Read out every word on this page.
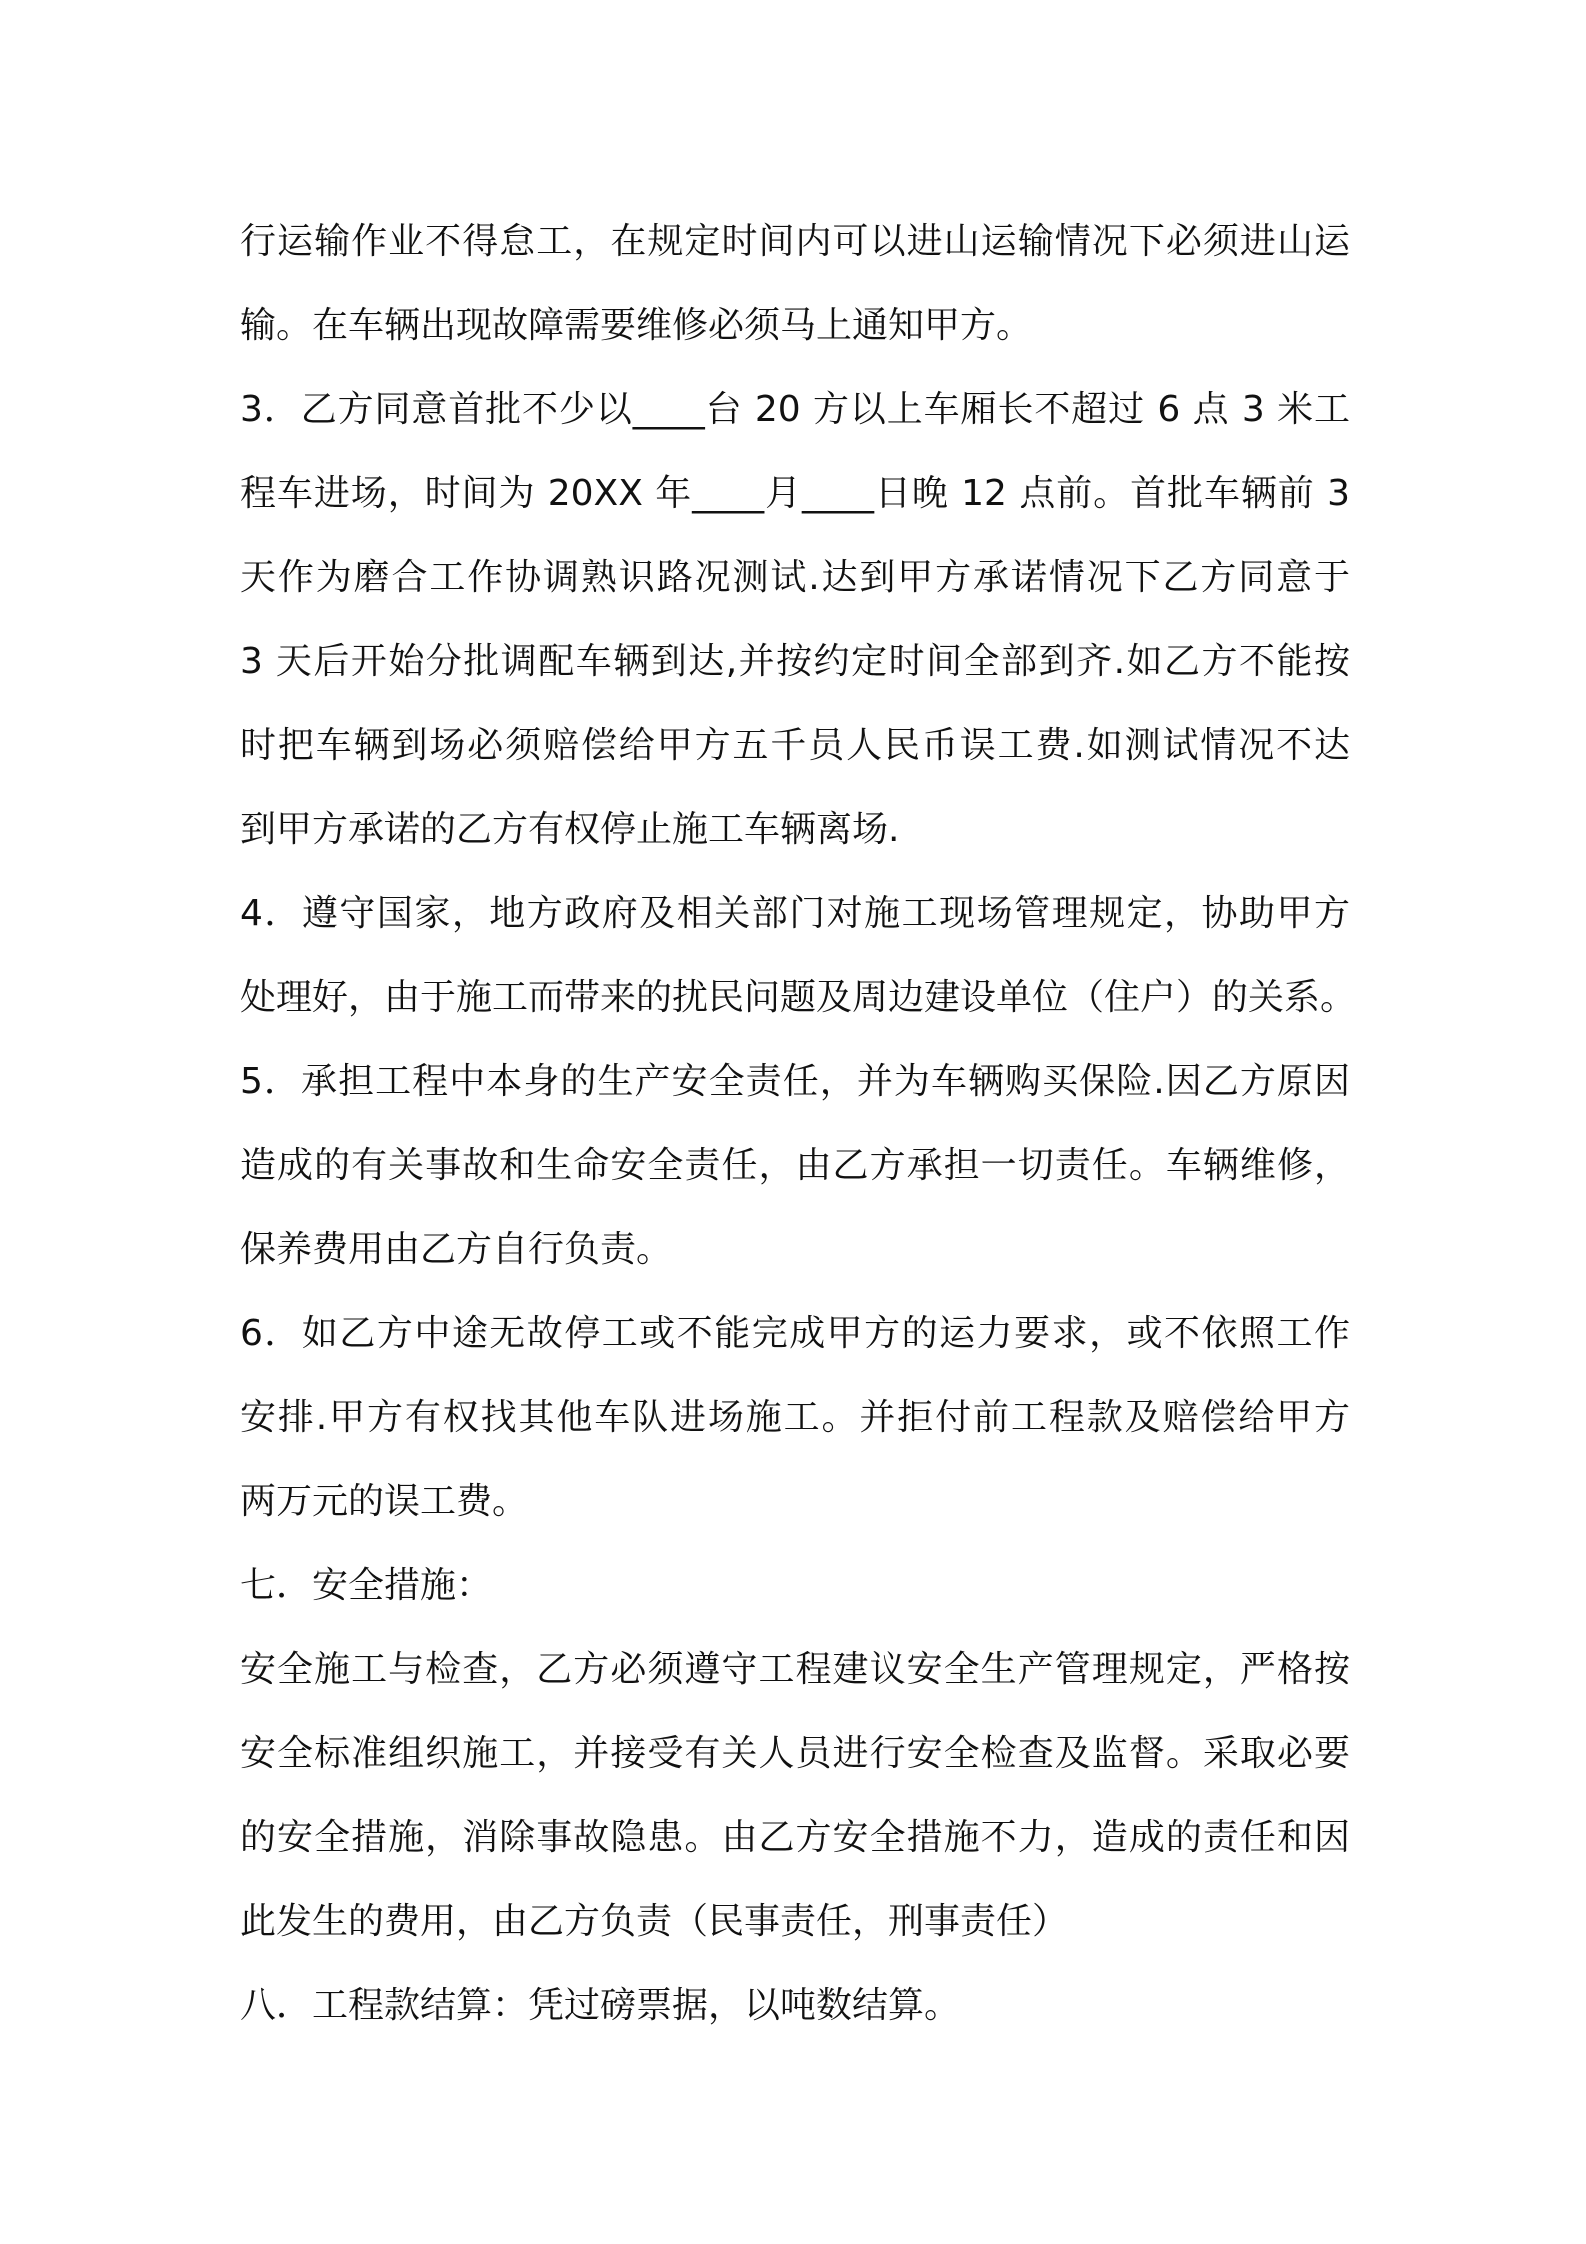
行运输作业不得怠工，在规定时间内可以进山运输情况下必须进山运
输。在车辆出现故障需要维修必须马上通知甲方。
3．乙方同意首批不少以____台 20 方以上车厢长不超过 6 点 3 米工
程车进场，时间为 20XX 年____月____日晚 12 点前。首批车辆前 3
天作为磨合工作协调熟识路况测试.达到甲方承诺情况下乙方同意于
3 天后开始分批调配车辆到达,并按约定时间全部到齐.如乙方不能按
时把车辆到场必须赔偿给甲方五千员人民币误工费.如测试情况不达
到甲方承诺的乙方有权停止施工车辆离场.
4．遵守国家，地方政府及相关部门对施工现场管理规定，协助甲方
处理好，由于施工而带来的扰民问题及周边建设单位（住户）的关系。
5．承担工程中本身的生产安全责任，并为车辆购买保险.因乙方原因
造成的有关事故和生命安全责任，由乙方承担一切责任。车辆维修，
保养费用由乙方自行负责。
6．如乙方中途无故停工或不能完成甲方的运力要求，或不依照工作
安排.甲方有权找其他车队进场施工。并拒付前工程款及赔偿给甲方
两万元的误工费。
七．安全措施：
安全施工与检查，乙方必须遵守工程建议安全生产管理规定，严格按
安全标准组织施工，并接受有关人员进行安全检查及监督。采取必要
的安全措施，消除事故隐患。由乙方安全措施不力，造成的责任和因
此发生的费用，由乙方负责（民事责任，刑事责任）
八．工程款结算：凭过磅票据，以吨数结算。
